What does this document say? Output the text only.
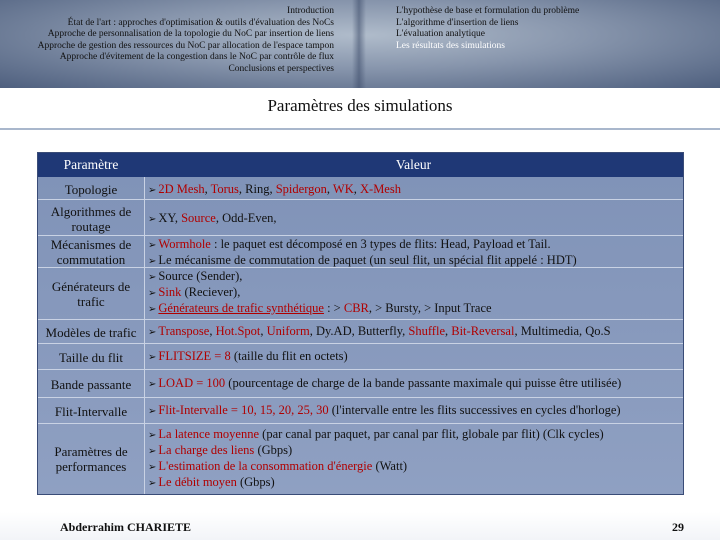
Introduction
État de l'art : approches d'optimisation & outils d'évaluation des NoCs
Approche de personnalisation de la topologie du NoC par insertion de liens
Approche de gestion des ressources du NoC par allocation de l'espace tampon
Approche d'évitement de la congestion dans le NoC par contrôle de flux
Conclusions et perspectives
L'hypothèse de base et formulation du problème
L'algorithme d'insertion de liens
L'évaluation analytique
Les résultats des simulations
Paramètres des simulations
Paramètre	Valeur
Topologie	➢ 2D Mesh, Torus, Ring, Spidergon, WK, X-Mesh
Algorithmes de routage	➢ XY, Source, Odd-Even,
Mécanismes de commutation
➢ Wormhole : le paquet est décomposé en 3 types de flits: Head, Payload et Tail.
➢ Le mécanisme de commutation de paquet (un seul flit, un spécial flit appelé : HDT)
Générateurs de trafic
➢ Source (Sender),
➢ Sink (Reciever),
➢ Générateurs de trafic synthétique : > CBR, > Bursty, > Input Trace
Modèles de trafic	➢ Transpose, Hot.Spot, Uniform, Dy.AD, Butterfly, Shuffle, Bit-Reversal, Multimedia, Qo.S
Taille du flit	➢ FLITSIZE = 8 (taille du flit en octets)
Bande passante	➢ LOAD = 100 (pourcentage de charge de la bande passante maximale qui puisse être utilisée)
Flit-Intervalle	➢ Flit-Intervalle = 10, 15, 20, 25, 30 (l'intervalle entre les flits successives en cycles d'horloge)
Paramètres de performances
➢ La latence moyenne (par canal par paquet, par canal par flit, globale par flit) (Clk cycles)
➢ La charge des liens (Gbps)
➢ L'estimation de la consommation d'énergie (Watt)
➢ Le débit moyen (Gbps)
Abderrahim CHARIETE	29
